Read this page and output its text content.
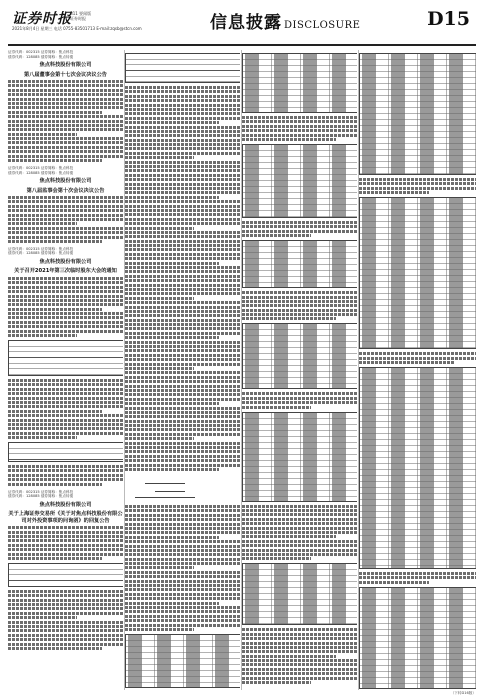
证券时报
B11 要闻版
证券时报
2021年8月4日 星期三 电话 0755-83501713 E-mail:zqsb@stcn.com	信息披露 DISCLOSURE	D15
证券代码：002315 证券简称：焦点科技
债券代码：128085 债券简称：焦点转债
焦点科技股份有限公司
第八届董事会第十七次会议决议公告
证券代码：002315 证券简称：焦点科技
债券代码：128085 债券简称：焦点转债
焦点科技股份有限公司
第八届监事会第十次会议决议公告
证券代码：002315 证券简称：焦点科技
债券代码：128085 债券简称：焦点转债
焦点科技股份有限公司
关于召开2021年第三次临时股东大会的通知
证券代码：002315 证券简称：焦点科技
债券代码：128085 债券简称：焦点转债
焦点科技股份有限公司
关于上海证券交易所《关于对焦点科技股份有限公司对外投资事项的问询函》的回复公告
（下转D16版）
